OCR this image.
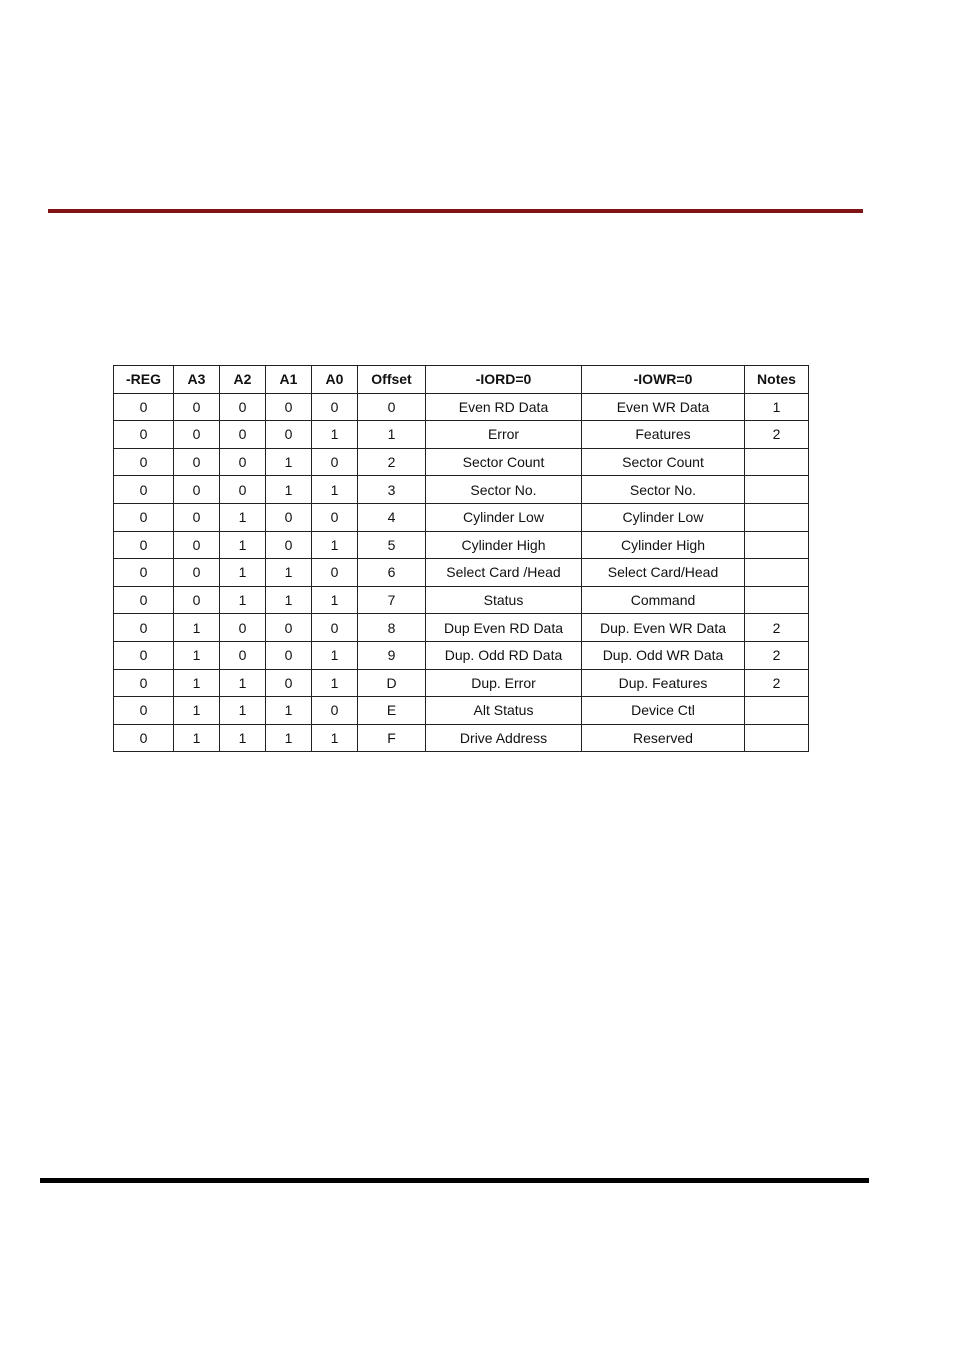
-REG	A3	A2	A1	A0	Offset	-IORD=0	-IOWR=0	Notes
0	0	0	0	0	0	Even RD Data	Even WR Data	1
0	0	0	0	1	1	Error	Features	2
0	0	0	1	0	2	Sector Count	Sector Count	
0	0	0	1	1	3	Sector No.	Sector No.	
0	0	1	0	0	4	Cylinder Low	Cylinder Low	
0	0	1	0	1	5	Cylinder High	Cylinder High	
0	0	1	1	0	6	Select Card /Head	Select Card/Head	
0	0	1	1	1	7	Status	Command	
0	1	0	0	0	8	Dup Even RD Data	Dup. Even WR Data	2
0	1	0	0	1	9	Dup. Odd RD Data	Dup. Odd WR Data	2
0	1	1	0	1	D	Dup. Error	Dup. Features	2
0	1	1	1	0	E	Alt Status	Device Ctl	
0	1	1	1	1	F	Drive Address	Reserved	
